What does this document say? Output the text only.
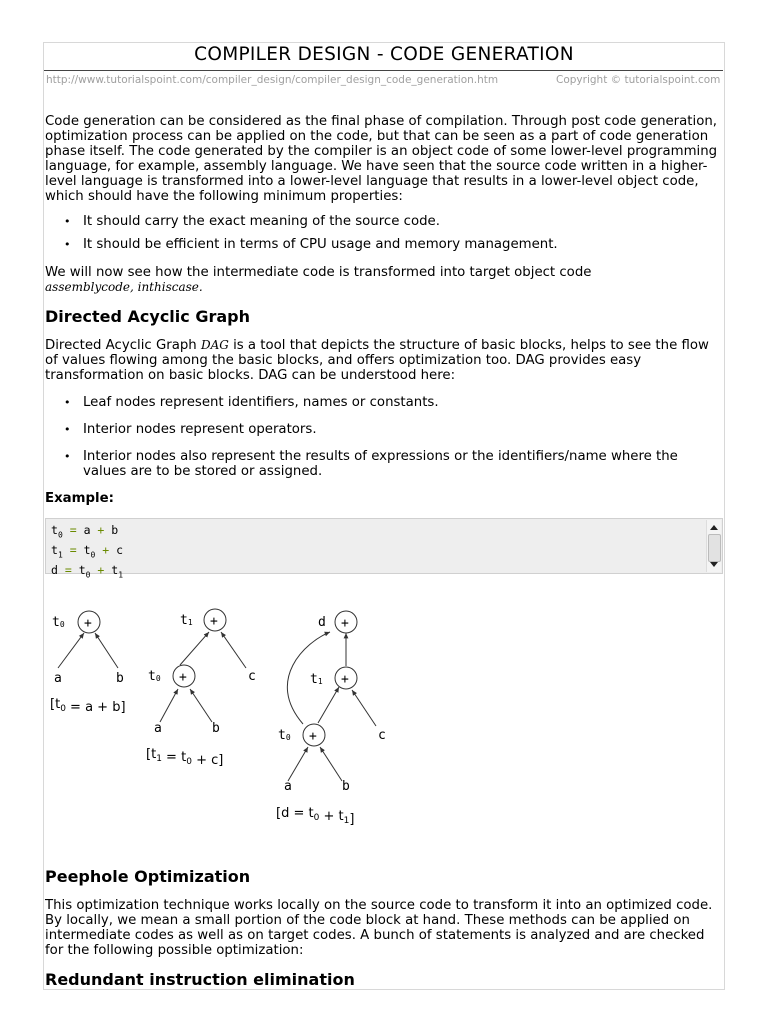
COMPILER DESIGN - CODE GENERATION
http://www.tutorialspoint.com/compiler_design/compiler_design_code_generation.htm	Copyright © tutorialspoint.com

Code generation can be considered as the final phase of compilation. Through post code generation, optimization process can be applied on the code, but that can be seen as a part of code generation phase itself. The code generated by the compiler is an object code of some lower-level programming language, for example, assembly language. We have seen that the source code written in a higher-level language is transformed into a lower-level language that results in a lower-level object code, which should have the following minimum properties:

• It should carry the exact meaning of the source code.
• It should be efficient in terms of CPU usage and memory management.
We will now see how the intermediate code is transformed into target object code
assemblycode, inthiscase.
Directed Acyclic Graph
Directed Acyclic Graph DAG is a tool that depicts the structure of basic blocks, helps to see the flow
of values flowing among the basic blocks, and offers optimization too. DAG provides easy
transformation on basic blocks. DAG can be understood here:
• Leaf nodes represent identifiers, names or constants.
• Interior nodes represent operators.
• Interior nodes also represent the results of expressions or the identifiers/name where the values are to be stored or assigned.
Example:
$t_0 = a + b$
$t_1 = t_0 + c$
$d = t_0 + t_1$
+	+
+
+
+
+
t0
a	b
t1
t0	c
a	b
d
t1
t0	c
a	b
$[t_0 = a + b]$
$[t_1 = t_0 + c]$
$[d = t_0 + t_1]$
Peephole Optimization

This optimization technique works locally on the source code to transform it into an optimized code. By locally, we mean a small portion of the code block at hand. These methods can be applied on intermediate codes as well as on target codes. A bunch of statements is analyzed and are checked for the following possible optimization:

Redundant instruction elimination
